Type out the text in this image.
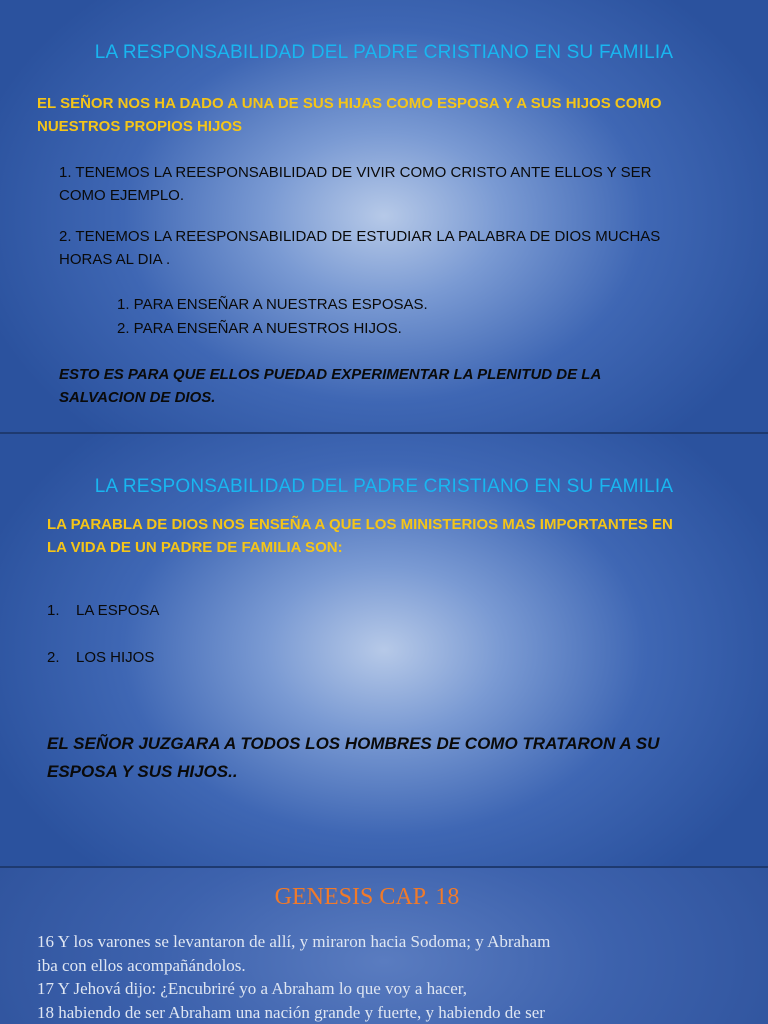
LA RESPONSABILIDAD DEL PADRE CRISTIANO EN SU FAMILIA
EL SEÑOR NOS HA DADO A UNA DE SUS HIJAS COMO ESPOSA Y A SUS HIJOS COMO
NUESTROS PROPIOS HIJOS
1. TENEMOS LA REESPONSABILIDAD DE VIVIR COMO CRISTO ANTE ELLOS Y SER
COMO EJEMPLO.
2. TENEMOS LA REESPONSABILIDAD DE ESTUDIAR LA PALABRA DE DIOS MUCHAS
HORAS AL DIA .
1. PARA ENSEÑAR A NUESTRAS ESPOSAS.
2. PARA ENSEÑAR A NUESTROS HIJOS.
ESTO ES PARA QUE ELLOS PUEDAD EXPERIMENTAR LA PLENITUD DE LA
SALVACION DE DIOS.
LA RESPONSABILIDAD DEL PADRE CRISTIANO EN SU FAMILIA
LA PARABLA DE DIOS NOS ENSEÑA A QUE LOS MINISTERIOS MAS IMPORTANTES EN
LA VIDA DE UN PADRE DE FAMILIA SON:
1. LA ESPOSA
2. LOS HIJOS
EL SEÑOR JUZGARA A TODOS LOS HOMBRES DE COMO TRATARON A SU
ESPOSA Y SUS HIJOS..
GENESIS CAP. 18
16 Y los varones se levantaron de allí, y miraron hacia Sodoma; y Abraham
iba con ellos acompañándolos.
17 Y Jehová dijo: ¿Encubriré yo a Abraham lo que voy a hacer,
18 habiendo de ser Abraham una nación grande y fuerte, y habiendo de ser
